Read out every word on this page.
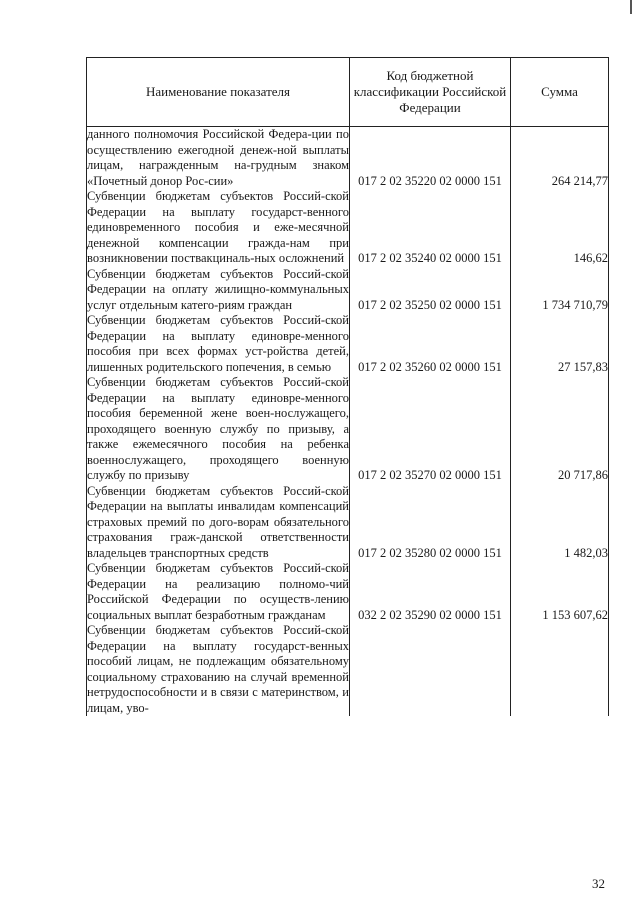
Наименование показателя	Код бюджетной классификации Российской Федерации	Сумма
данного полномочия Российской Федера-ции по осуществлению ежегодной денеж-ной выплаты лицам, награжденным на-грудным знаком «Почетный донор Рос-сии»	017 2 02 35220 02 0000 151	264 214,77
Субвенции бюджетам субъектов Россий-ской Федерации на выплату государст-венного единовременного пособия и еже-месячной денежной компенсации гражда-нам при возникновении поствакциналь-ных осложнений	017 2 02 35240 02 0000 151	146,62
Субвенции бюджетам субъектов Россий-ской Федерации на оплату жилищно-коммунальных услуг отдельным катего-риям граждан	017 2 02 35250 02 0000 151	1 734 710,79
Субвенции бюджетам субъектов Россий-ской Федерации на выплату единовре-менного пособия при всех формах уст-ройства детей, лишенных родительского попечения, в семью	017 2 02 35260 02 0000 151	27 157,83
Субвенции бюджетам субъектов Россий-ской Федерации на выплату единовре-менного пособия беременной жене воен-нослужащего, проходящего военную службу по призыву, а также ежемесячного пособия на ребенка военнослужащего, проходящего военную службу по призыву	017 2 02 35270 02 0000 151	20 717,86
Субвенции бюджетам субъектов Россий-ской Федерации на выплаты инвалидам компенсаций страховых премий по дого-ворам обязательного страхования граж-данской ответственности владельцев транспортных средств	017 2 02 35280 02 0000 151	1 482,03
Субвенции бюджетам субъектов Россий-ской Федерации на реализацию полномо-чий Российской Федерации по осуществ-лению социальных выплат безработным гражданам	032 2 02 35290 02 0000 151	1 153 607,62
Субвенции бюджетам субъектов Россий-ской Федерации на выплату государст-венных пособий лицам, не подлежащим обязательному социальному страхованию на случай временной нетрудоспособности и в связи с материнством, и лицам, уво-		
32
